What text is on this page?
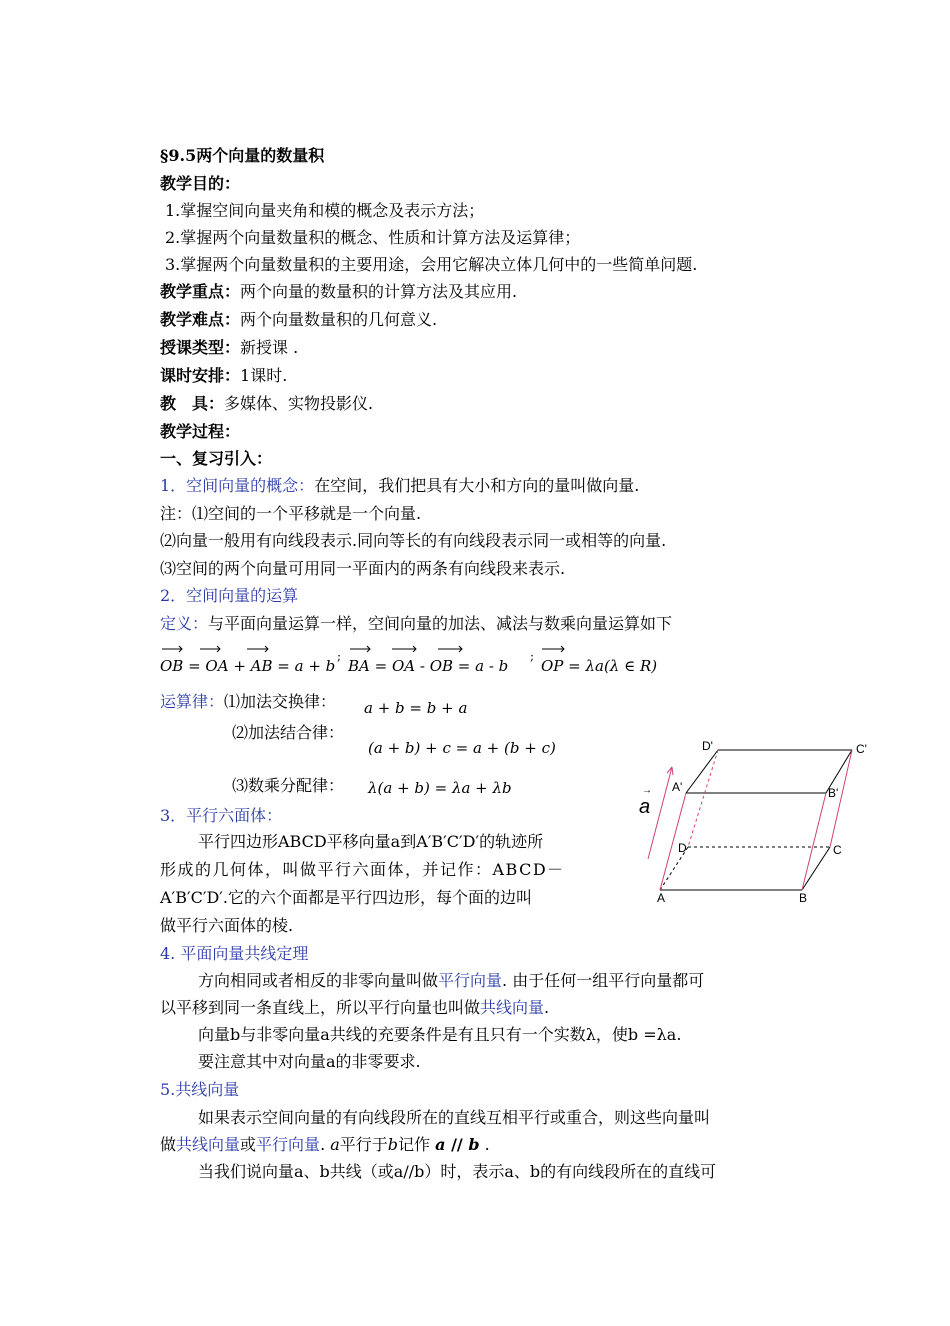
§9.5两个向量的数量积
教学目的：
1.掌握空间向量夹角和模的概念及表示方法；
2.掌握两个向量数量积的概念、性质和计算方法及运算律；
3.掌握两个向量数量积的主要用途，会用它解决立体几何中的一些简单问题.
教学重点：两个向量的数量积的计算方法及其应用.
教学难点：两个向量数量积的几何意义.
授课类型：新授课 .
课时安排：1课时.
教　具：多媒体、实物投影仪.
教学过程：
一、复习引入：
1．空间向量的概念：在空间，我们把具有大小和方向的量叫做向量.
注：⑴空间的一个平移就是一个向量.
⑵向量一般用有向线段表示.同向等长的有向线段表示同一或相等的向量.
⑶空间的两个向量可用同一平面内的两条有向线段来表示.
2．空间向量的运算
定义：与平面向量运算一样，空间向量的加法、减法与数乘向量运算如下
OB = OA + AB = a + b
;
BA = OA - OB = a - b
;
OP = λa(λ ∈ R)
运算律：⑴加法交换律： a + b = b + a
⑵加法结合律：
(a + b) + c = a + (b + c)
⑶数乘分配律： λ(a + b) = λa + λb
3．平行六面体：
平行四边形ABCD平移向量a到A′B′C′D′的轨迹所
形成的几何体，叫做平行六面体，并记作：ABCD－
A′B′C′D′.它的六个面都是平行四边形，每个面的边叫
做平行六面体的棱.
D'	C'
A'	B'
D	C
A	B
a
→
4. 平面向量共线定理
方向相同或者相反的非零向量叫做平行向量. 由于任何一组平行向量都可
以平移到同一条直线上，所以平行向量也叫做共线向量.
向量b与非零向量a共线的充要条件是有且只有一个实数λ，使b =λa.
要注意其中对向量a的非零要求.
5.共线向量
如果表示空间向量的有向线段所在的直线互相平行或重合，则这些向量叫
做共线向量或平行向量. a平行于b记作 a // b .
当我们说向量a、b共线（或a//b）时，表示a、b的有向线段所在的直线可
